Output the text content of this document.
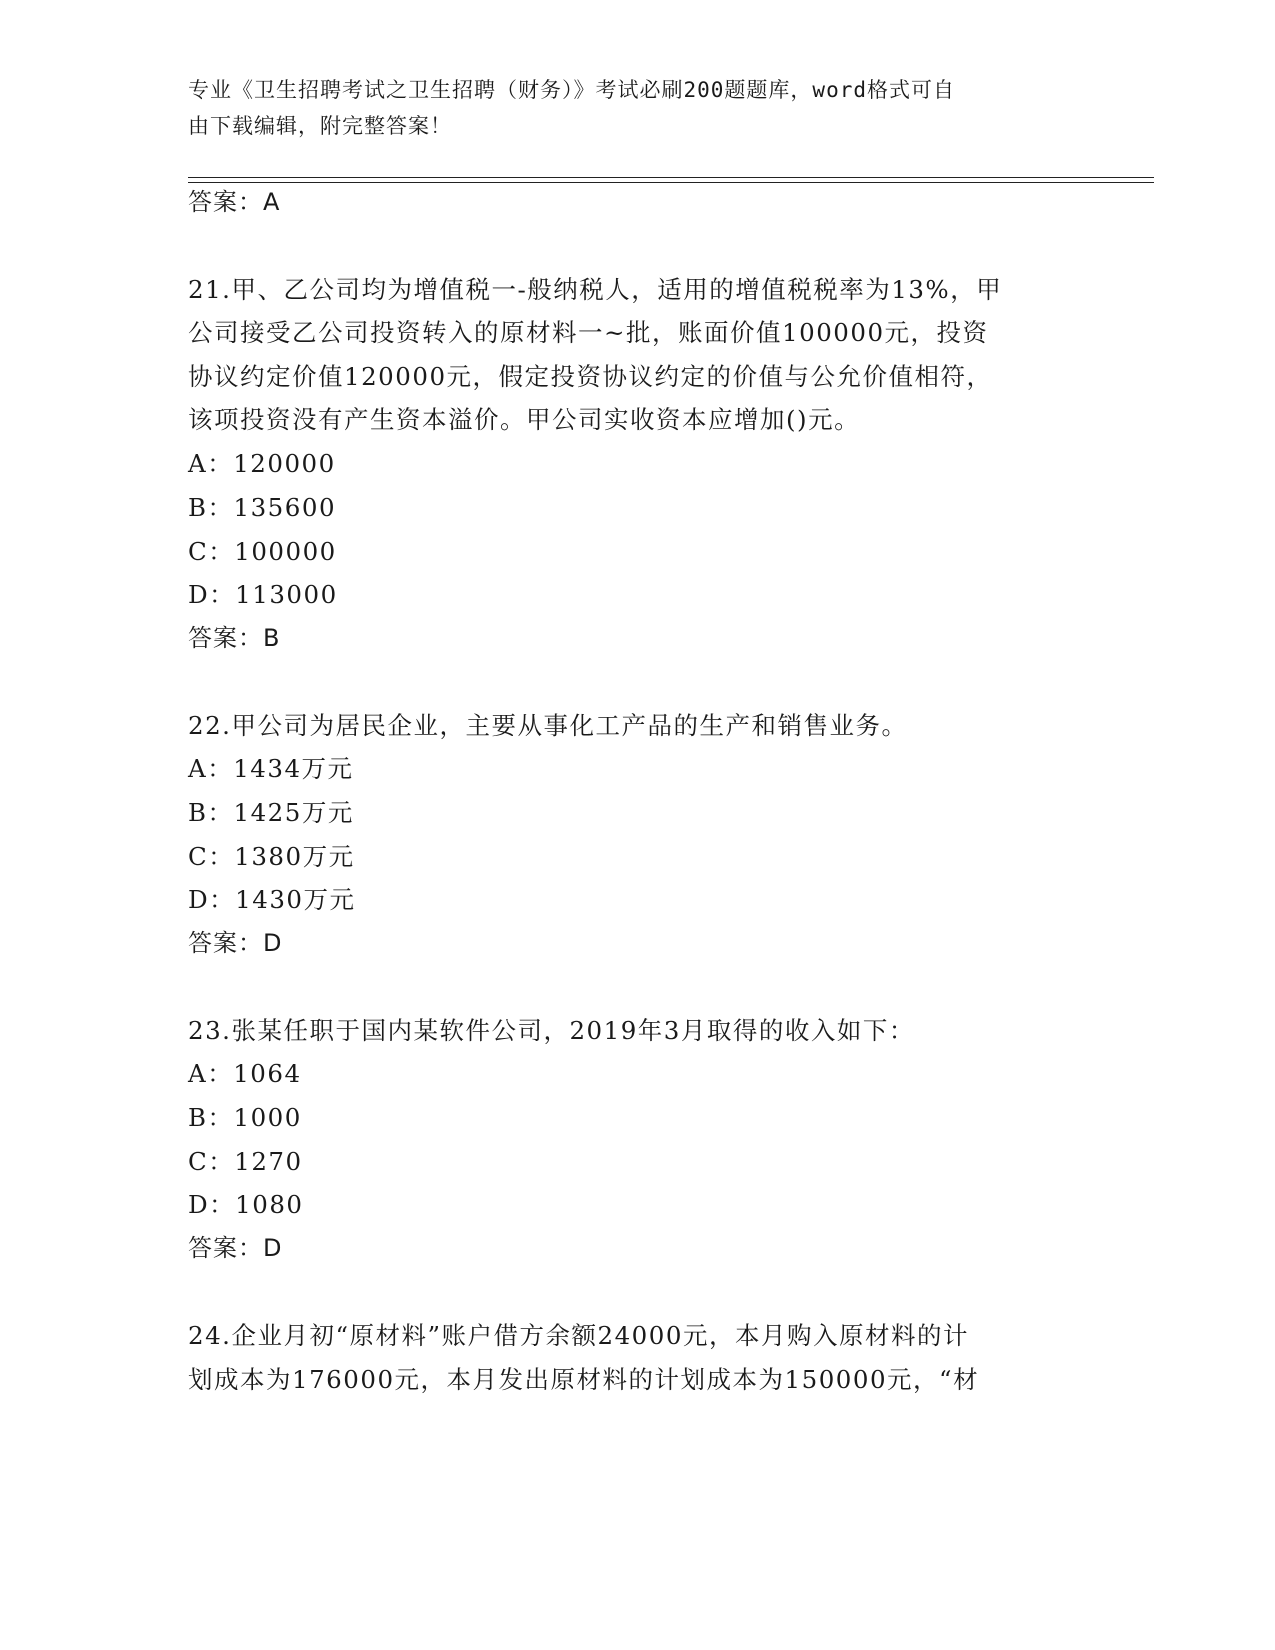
专业《卫生招聘考试之卫生招聘（财务）》考试必刷200题题库，word格式可自
由下载编辑，附完整答案！
答案：A
21.甲、乙公司均为增值税一-般纳税人，适用的增值税税率为13%，甲
公司接受乙公司投资转入的原材料一~批，账面价值100000元，投资
协议约定价值120000元，假定投资协议约定的价值与公允价值相符，
该项投资没有产生资本溢价。甲公司实收资本应增加()元。
A：120000
B：135600
C：100000
D：113000
答案：B
22.甲公司为居民企业，主要从事化工产品的生产和销售业务。
A：1434万元
B：1425万元
C：1380万元
D：1430万元
答案：D
23.张某任职于国内某软件公司，2019年3月取得的收入如下：
A：1064
B：1000
C：1270
D：1080
答案：D
24.企业月初“原材料”账户借方余额24000元，本月购入原材料的计
划成本为176000元，本月发出原材料的计划成本为150000元，“材
